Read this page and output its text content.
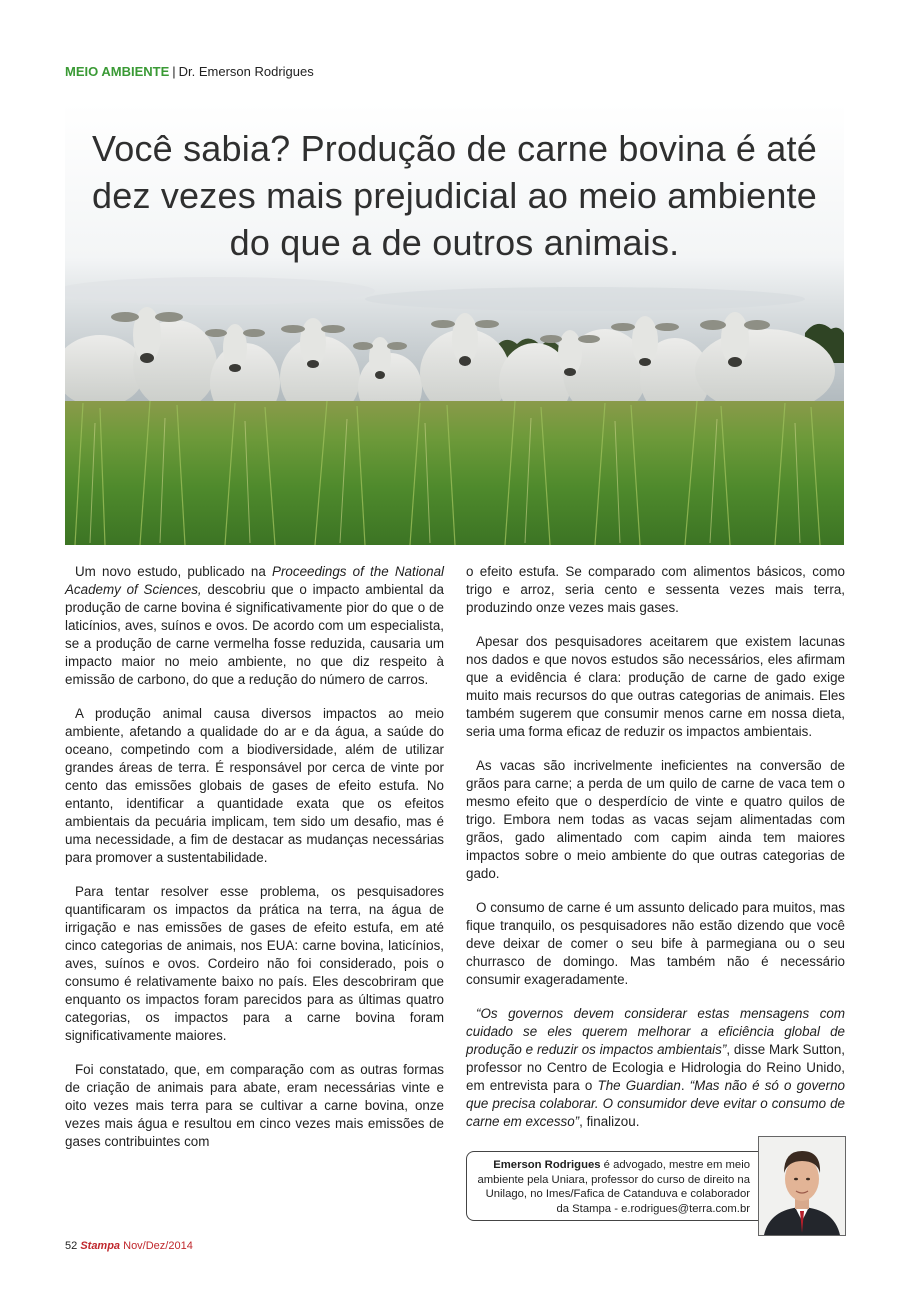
MEIO AMBIENTE | Dr. Emerson Rodrigues
Você sabia? Produção de carne bovina é até
dez vezes mais prejudicial ao meio ambiente
do que a de outros animais.

Um novo estudo, publicado na Proceedings of the National Academy of Sciences, descobriu que o impacto ambiental da produção de carne bovina é significativamente pior do que o de laticínios, aves, suínos e ovos. De acordo com um especialista, se a produção de carne vermelha fosse reduzida, causaria um impacto maior no meio ambiente, no que diz respeito à emissão de carbono, do que a redução do número de carros.

A produção animal causa diversos impactos ao meio ambiente, afetando a qualidade do ar e da água, a saúde do oceano, competindo com a biodiversidade, além de utilizar grandes áreas de terra. É responsável por cerca de vinte por cento das emissões globais de gases de efeito estufa. No entanto, identificar a quantidade exata que os efeitos ambientais da pecuária implicam, tem sido um desafio, mas é uma necessidade, a fim de destacar as mudanças necessárias para promover a sustentabilidade.

Para tentar resolver esse problema, os pesquisadores quantificaram os impactos da prática na terra, na água de irrigação e nas emissões de gases de efeito estufa, em até cinco categorias de animais, nos EUA: carne bovina, laticínios, aves, suínos e ovos. Cordeiro não foi considerado, pois o consumo é relativamente baixo no país. Eles descobriram que enquanto os impactos foram parecidos para as últimas quatro categorias, os impactos para a carne bovina foram significativamente maiores.

Foi constatado, que, em comparação com as outras formas de criação de animais para abate, eram necessárias vinte e oito vezes mais terra para se cultivar a carne bovina, onze vezes mais água e resultou em cinco vezes mais emissões de gases contribuintes com

o efeito estufa. Se comparado com alimentos básicos, como trigo e arroz, seria cento e sessenta vezes mais terra, produzindo onze vezes mais gases.

Apesar dos pesquisadores aceitarem que existem lacunas nos dados e que novos estudos são necessários, eles afirmam que a evidência é clara: produção de carne de gado exige muito mais recursos do que outras categorias de animais. Eles também sugerem que consumir menos carne em nossa dieta, seria uma forma eficaz de reduzir os impactos ambientais.

As vacas são incrivelmente ineficientes na conversão de grãos para carne; a perda de um quilo de carne de vaca tem o mesmo efeito que o desperdício de vinte e quatro quilos de trigo. Embora nem todas as vacas sejam alimentadas com grãos, gado alimentado com capim ainda tem maiores impactos sobre o meio ambiente do que outras categorias de gado.

O consumo de carne é um assunto delicado para muitos, mas fique tranquilo, os pesquisadores não estão dizendo que você deve deixar de comer o seu bife à parmegiana ou o seu churrasco de domingo. Mas também não é necessário consumir exageradamente.

“Os governos devem considerar estas mensagens com cuidado se eles querem melhorar a eficiência global de produção e reduzir os impactos ambientais”, disse Mark Sutton, professor no Centro de Ecologia e Hidrologia do Reino Unido, em entrevista para o The Guardian. “Mas não é só o governo que precisa colaborar. O consumidor deve evitar o consumo de carne em excesso”, finalizou.

Emerson Rodrigues é advogado, mestre em meio ambiente pela Uniara, professor do curso de direito na Unilago, no Imes/Fafica de Catanduva e colaborador da Stampa - e.rodrigues@terra.com.br
52 Stampa Nov/Dez/2014
